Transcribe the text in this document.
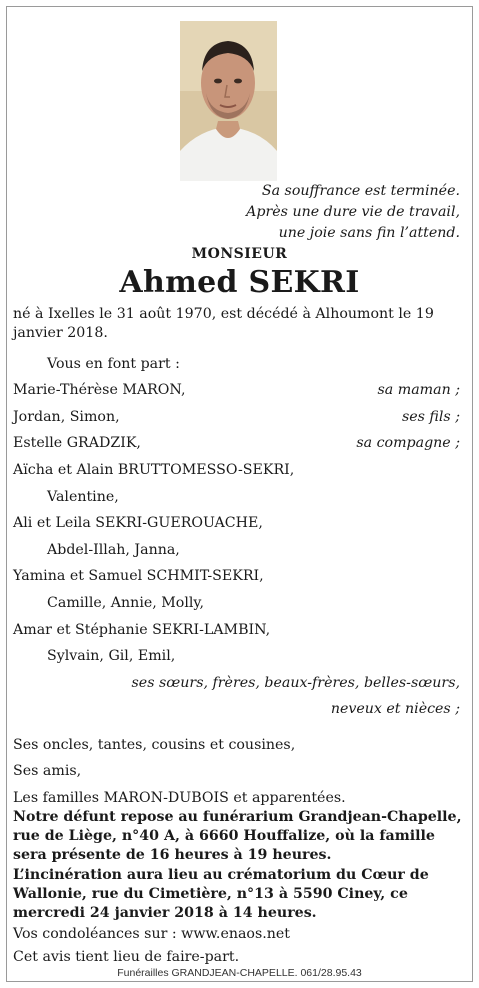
Sa souffrance est terminée.
Après une dure vie de travail,
une joie sans fin l’attend.
MONSIEUR
Ahmed SEKRI
né à Ixelles le 31 août 1970, est décédé à Alhoumont le 19 janvier 2018.
Vous en font part :
Marie-Thérèse MARON,	sa maman ;
Jordan, Simon,	ses fils ;
Estelle GRADZIK,	sa compagne ;
Aïcha et Alain BRUTTOMESSO-SEKRI,
Valentine,
Ali et Leila SEKRI-GUEROUACHE,
Abdel-Illah, Janna,
Yamina et Samuel SCHMIT-SEKRI,
Camille, Annie, Molly,
Amar et Stéphanie SEKRI-LAMBIN,
Sylvain, Gil, Emil,
ses sœurs, frères, beaux-frères, belles-sœurs,
neveux et nièces ;
Ses oncles, tantes, cousins et cousines,
Ses amis,
Les familles MARON-DUBOIS et apparentées.
Notre défunt repose au funérarium Grandjean-Chapelle, rue de Liège, n°40 A, à 6660 Houffalize, où la famille sera présente de 16 heures à 19 heures.
L’incinération aura lieu au crématorium du Cœur de Wallonie, rue du Cimetière, n°13 à 5590 Ciney, ce mercredi 24 janvier 2018 à 14 heures.
Vos condoléances sur : www.enaos.net
Cet avis tient lieu de faire-part.
Funérailles GRANDJEAN-CHAPELLE. 061/28.95.43
